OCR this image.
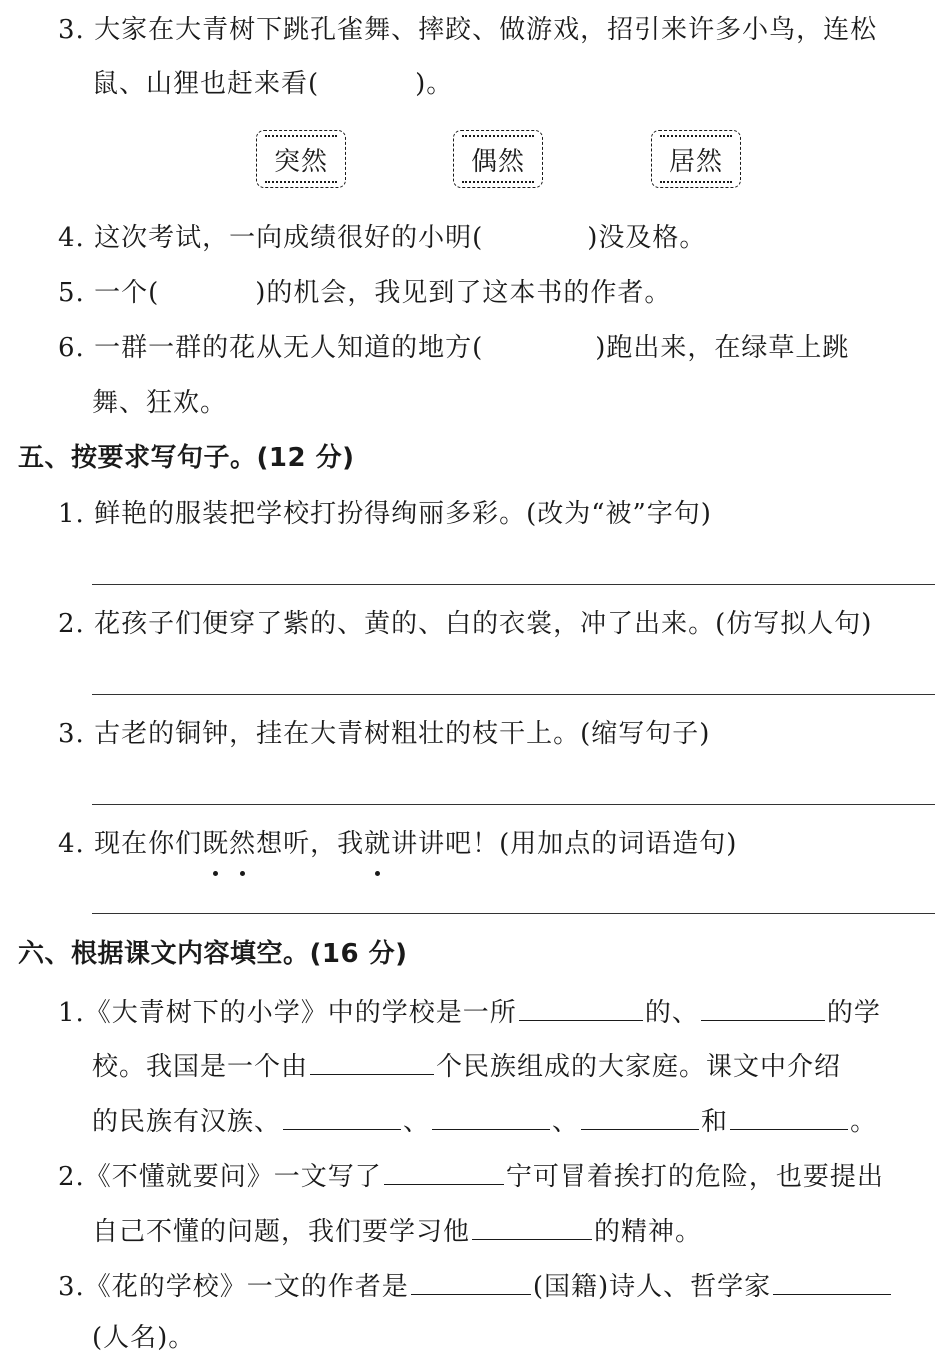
3. 大家在大青树下跳孔雀舞、摔跤、做游戏，招引来许多小鸟，连松
鼠、山狸也赶来看(	)。
突然	偶然	居然
4. 这次考试，一向成绩很好的小明(	)没及格。
5. 一个(	)的机会，我见到了这本书的作者。
6. 一群一群的花从无人知道的地方(	)跑出来，在绿草上跳
舞、狂欢。
五、按要求写句子。(12 分)
1. 鲜艳的服装把学校打扮得绚丽多彩。(改为“被”字句)
2. 花孩子们便穿了紫的、黄的、白的衣裳，冲了出来。(仿写拟人句)
3. 古老的铜钟，挂在大青树粗壮的枝干上。(缩写句子)
4. 现在你们既然想听，我就讲讲吧！(用加点的词语造句)
六、根据课文内容填空。(16 分)
1.《大青树下的小学》中的学校是一所	的、	的学
校。我国是一个由	个民族组成的大家庭。课文中介绍
的民族有汉族、	、	、	和	。
2.《不懂就要问》一文写了	宁可冒着挨打的危险，也要提出
自己不懂的问题，我们要学习他	的精神。
3.《花的学校》一文的作者是	(国籍)诗人、哲学家
(人名)。
